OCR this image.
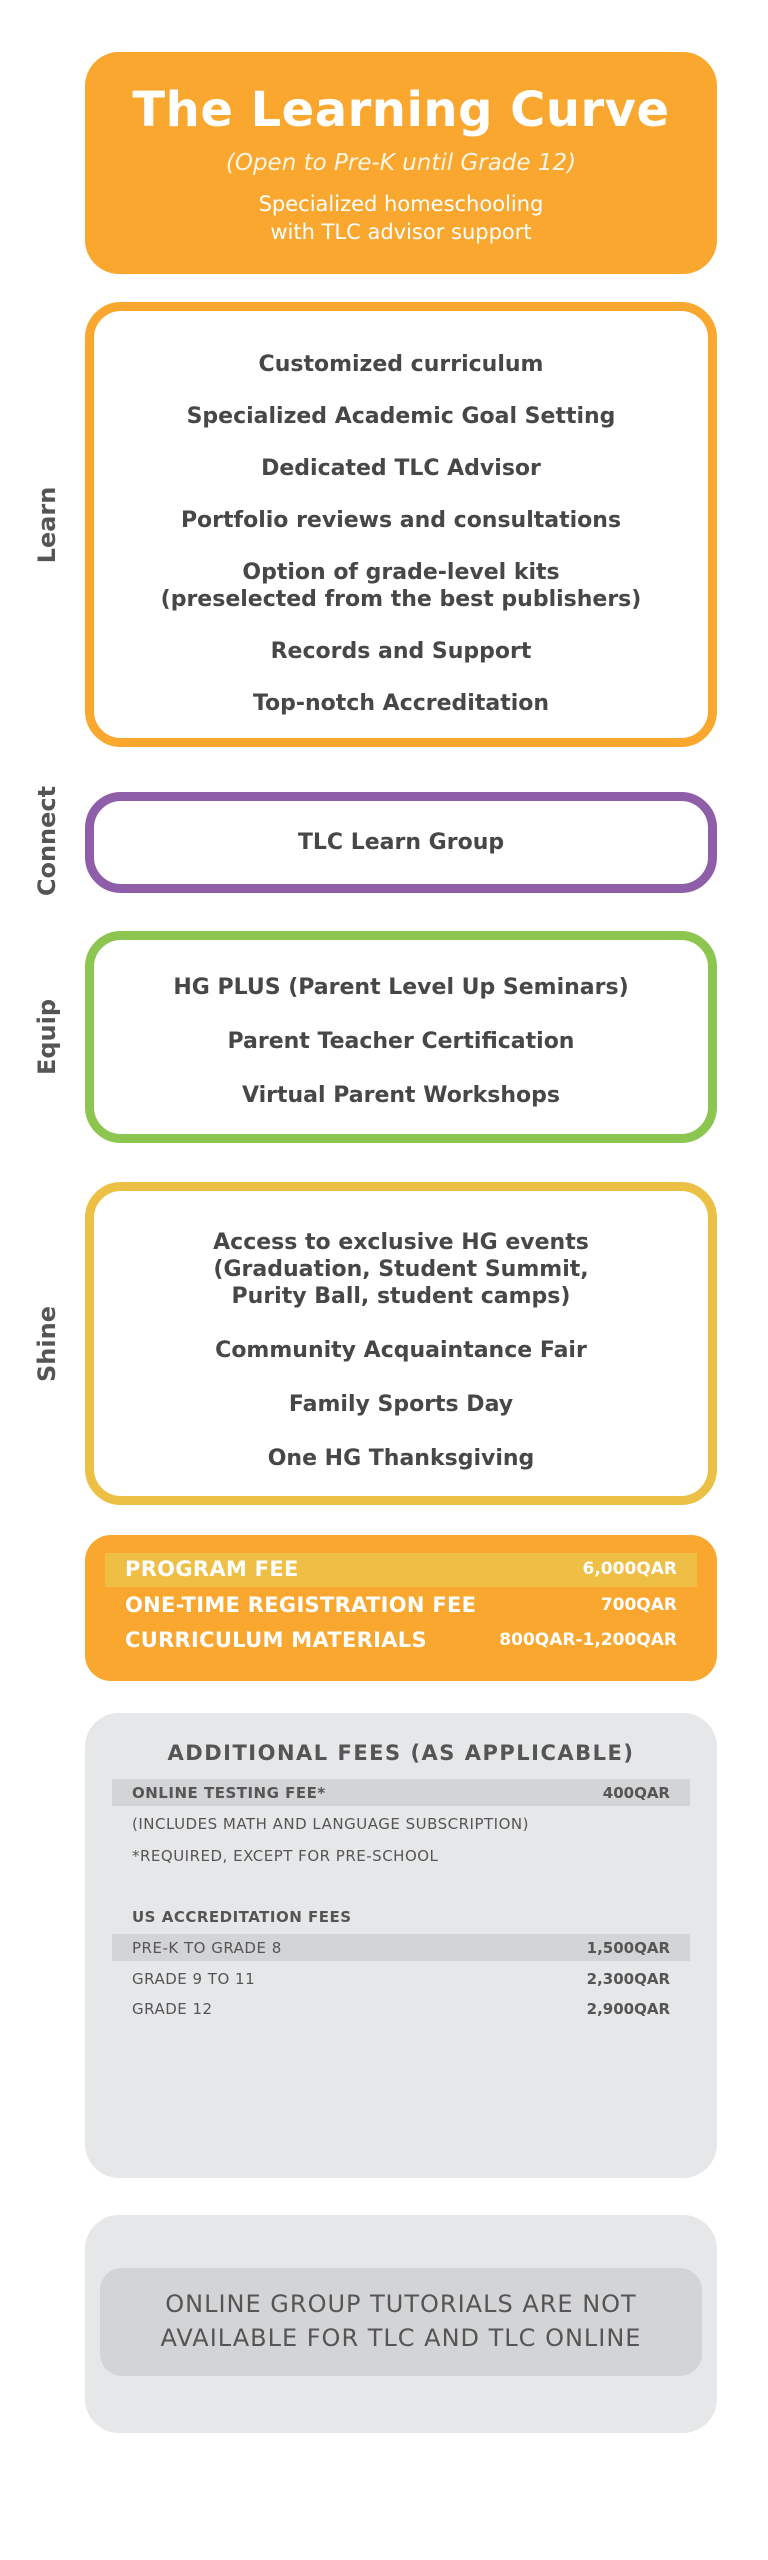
The Learning Curve
(Open to Pre-K until Grade 12)
Specialized homeschooling
with TLC advisor support
Learn
Customized curriculum
Specialized Academic Goal Setting
Dedicated TLC Advisor
Portfolio reviews and consultations
Option of grade-level kits
(preselected from the best publishers)
Records and Support
Top-notch Accreditation
Connect	TLC Learn Group
Equip
HG PLUS (Parent Level Up Seminars)
Parent Teacher Certification
Virtual Parent Workshops
Shine
Access to exclusive HG events
(Graduation, Student Summit,
Purity Ball, student camps)
Community Acquaintance Fair
Family Sports Day
One HG Thanksgiving
PROGRAM FEE	6,000QAR
ONE-TIME REGISTRATION FEE	700QAR
CURRICULUM MATERIALS	800QAR-1,200QAR
ADDITIONAL FEES (AS APPLICABLE)
ONLINE TESTING FEE*	400QAR
(INCLUDES MATH AND LANGUAGE SUBSCRIPTION)
*REQUIRED, EXCEPT FOR PRE-SCHOOL
US ACCREDITATION FEES
PRE-K TO GRADE 8	1,500QAR
GRADE 9 TO 11	2,300QAR
GRADE 12	2,900QAR
ONLINE GROUP TUTORIALS ARE NOT
AVAILABLE FOR TLC AND TLC ONLINE
